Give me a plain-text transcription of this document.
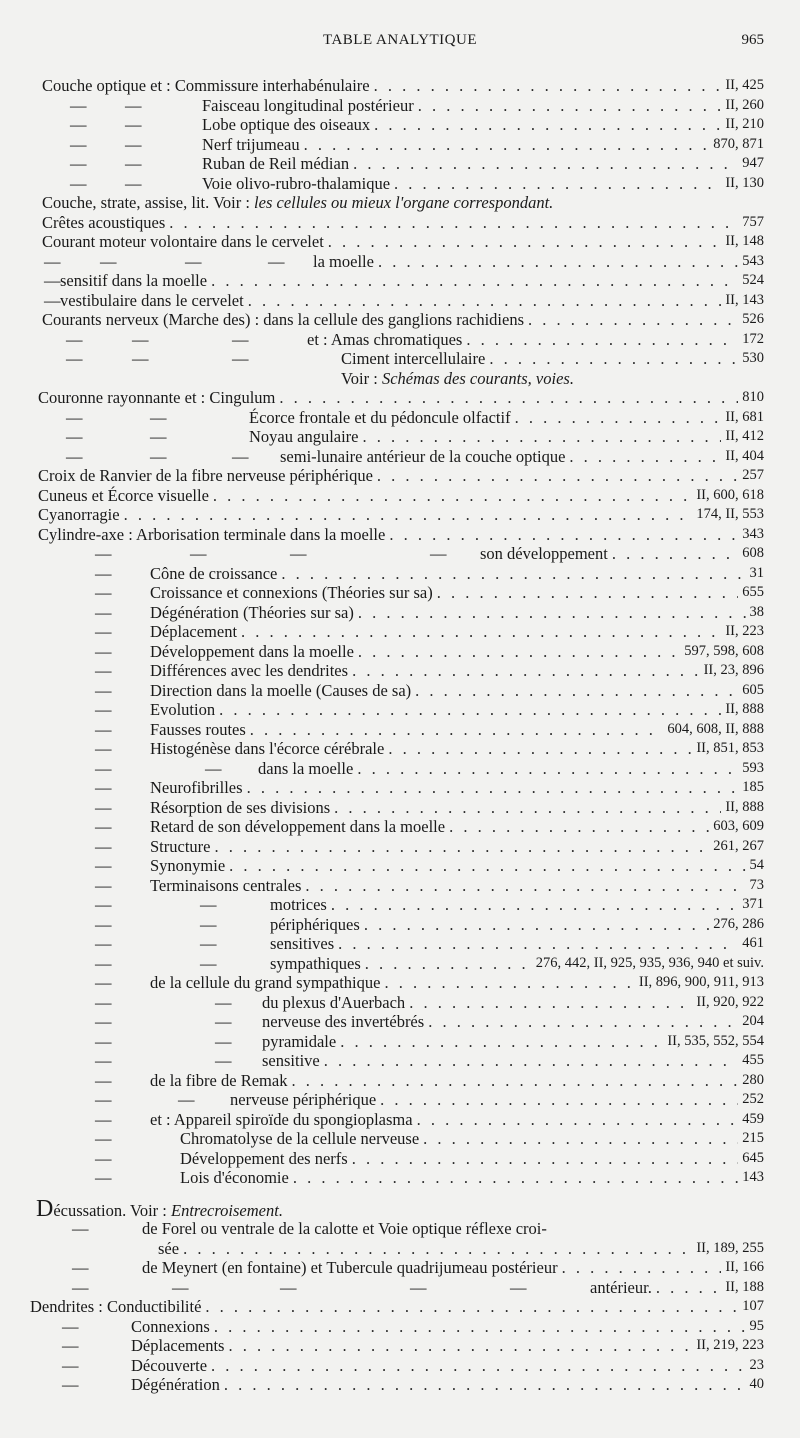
TABLE ANALYTIQUE	965
Couche optique et : Commissure interhabénulaire . . .	II, 425
— —	Faisceau longitudinal postérieur . . .	II, 260
— —	Lobe optique des oiseaux . . .	II, 210
— —	Nerf trijumeau . . .	870, 871
— —	Ruban de Reil médian . . .	947
— —	Voie olivo-rubro-thalamique . . .	II, 130
Couche, strate, assise, lit. Voir : les cellules ou mieux l'organe correspondant.
Crêtes acoustiques . . .	757
Courant moteur volontaire dans le cervelet . . .	II, 148
— —	—	— la moelle . . .	543
— sensitif dans la moelle . . .	524
— vestibulaire dans le cervelet . . .	II, 143
Courants nerveux (Marche des) : dans la cellule des ganglions rachidiens . . .	526
—	—	—	et : Amas chromatiques . . .	172
—	—	—	Ciment intercellulaire . . .	530
Voir : Schémas des courants, voies.
Couronne rayonnante et : Cingulum . . .	810
—	—	Écorce frontale et du pédoncule olfactif . . .	II, 681
—	—	Noyau angulaire . . .	II, 412
—	—	— semi-lunaire antérieur de la couche optique . . .	II, 404
Croix de Ranvier de la fibre nerveuse périphérique . . .	257
Cuneus et Écorce visuelle . . .	II, 600, 618
Cyanorragie . . .	174, II, 553
Cylindre-axe : Arborisation terminale dans la moelle . . .	343
—	—	—	— son développement . . .	608
— Cône de croissance . . .	31
— Croissance et connexions (Théories sur sa) . . .	655
— Dégénération (Théories sur sa) . . .	38
— Déplacement . . .	II, 223
— Développement dans la moelle . . .	597, 598, 608
— Différences avec les dendrites . . .	II, 23, 896
— Direction dans la moelle (Causes de sa) . . .	605
— Evolution . . .	II, 888
— Fausses routes . . .	604, 608, II, 888
— Histogénèse dans l'écorce cérébrale . . .	II, 851, 853
—	— dans la moelle . . .	593
— Neurofibrilles . . .	185
— Résorption de ses divisions . . .	II, 888
— Retard de son développement dans la moelle . . .	603, 609
— Structure . . .	261, 267
— Synonymie . . .	54
— Terminaisons centrales . . .	73
—	—	motrices . . .	371
—	—	périphériques . . .	276, 286
—	—	sensitives . . .	461
—	—	sympathiques . . .	276, 442, II, 925, 935, 936, 940 et suiv.
— de la cellule du grand sympathique . . .	II, 896, 900, 911, 913
—	— du plexus d'Auerbach . . .	II, 920, 922
—	— nerveuse des invertébrés . . .	204
—	— pyramidale . . .	II, 535, 552, 554
—	— sensitive . . .	455
— de la fibre de Remak . . .	280
—	— nerveuse périphérique . . .	252
— et : Appareil spiroïde du spongioplasma . . .	459
—	Chromatolyse de la cellule nerveuse . . .	215
—	Développement des nerfs . . .	645
—	Lois d'économie . . .	143
Décussation. Voir : Entrecroisement.
—	de Forel ou ventrale de la calotte et Voie optique réflexe croi-
sée . . .	II, 189, 255
—	de Meynert (en fontaine) et Tubercule quadrijumeau postérieur . . .	II, 166
—	—	—	—	—	antérieur. . . .	II, 188
Dendrites : Conductibilité . . .	107
—	Connexions . . .	95
—	Déplacements . . .	II, 219, 223
—	Découverte . . .	23
—	Dégénération . . .	40
